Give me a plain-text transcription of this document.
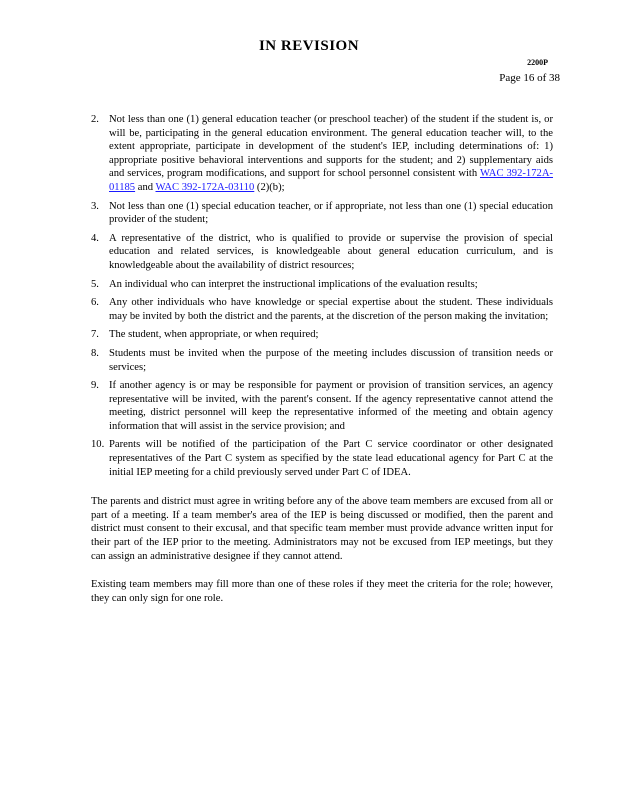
IN REVISION
2200P
Page 16 of 38
2. Not less than one (1) general education teacher (or preschool teacher) of the student if the student is, or will be, participating in the general education environment. The general education teacher will, to the extent appropriate, participate in development of the student's IEP, including determinations of: 1) appropriate positive behavioral interventions and supports for the student; and 2) supplementary aids and services, program modifications, and support for school personnel consistent with WAC 392-172A-01185 and WAC 392-172A-03110 (2)(b);
3. Not less than one (1) special education teacher, or if appropriate, not less than one (1) special education provider of the student;
4. A representative of the district, who is qualified to provide or supervise the provision of special education and related services, is knowledgeable about general education curriculum, and is knowledgeable about the availability of district resources;
5. An individual who can interpret the instructional implications of the evaluation results;
6. Any other individuals who have knowledge or special expertise about the student. These individuals may be invited by both the district and the parents, at the discretion of the person making the invitation;
7. The student, when appropriate, or when required;
8. Students must be invited when the purpose of the meeting includes discussion of transition needs or services;
9. If another agency is or may be responsible for payment or provision of transition services, an agency representative will be invited, with the parent's consent. If the agency representative cannot attend the meeting, district personnel will keep the representative informed of the meeting and obtain agency information that will assist in the service provision; and
10. Parents will be notified of the participation of the Part C service coordinator or other designated representatives of the Part C system as specified by the state lead educational agency for Part C at the initial IEP meeting for a child previously served under Part C of IDEA.

The parents and district must agree in writing before any of the above team members are excused from all or part of a meeting. If a team member's area of the IEP is being discussed or modified, then the parent and district must consent to their excusal, and that specific team member must provide advance written input for their part of the IEP prior to the meeting. Administrators may not be excused from IEP meetings, but they can assign an administrative designee if they cannot attend.

Existing team members may fill more than one of these roles if they meet the criteria for the role; however, they can only sign for one role.
